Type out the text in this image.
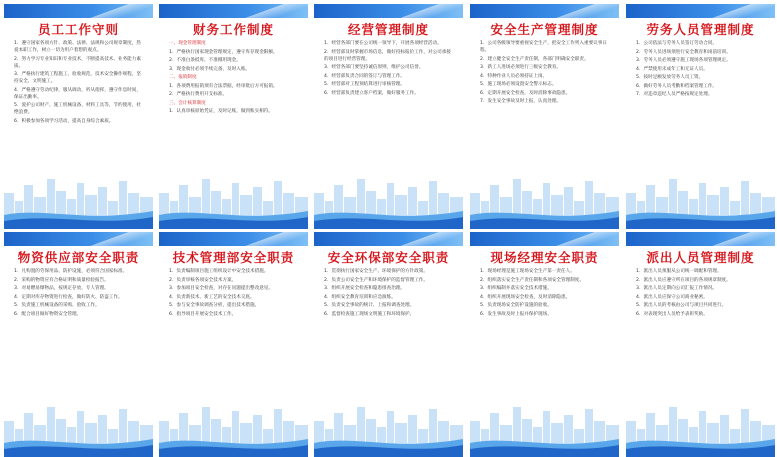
员工工作守则
1．遵守国家各项方针、政策、法律、法规和公司规章制度，热爱本职工作，树立一切为用户着想的观点。
2．努力学习专业知识和专业技术，不断提高技术、业务能力素质。
3．严格执行建筑工程施工、验收规范，技术安全操作规程，坚持安全、文明施工。
4．严格遵守劳动纪律，服从调动，听从指挥，遵守作息时间，保证出勤率。
5．爱护公司财产，施工机械设备、材料工具等，节约使用，杜绝浪费。
6．积极参加各项学习活动，提高自身综合素质。
财务工作制度
一、现金管理制度
1．严格执行国家现金管理规定，遵守库存现金限额。
2．不准白条抵库，不准挪用现金。
3．现金收付必须手续完备，及时入账。
二、报销制度
1．各项费用报销须有合法票据，经审批后方可报销。
2．严格执行费用开支标准。
三、会计核算制度
1．认真审核原始凭证，及时记账，做到账实相符。
经营管理制度
1．经营各部门要在公司统一领导下，开展各项经营活动。
2．经营部及时掌握市场信息，做好投标报价工作，对公司承接的项目进行经营管理。
3．经营各部门要坚持诚信原则，维护公司信誉。
4．经营部负责合同的签订与管理工作。
5．经营部对工程预结算进行审核管理。
6．经营部负责建立客户档案，做好服务工作。
安全生产管理制度
1．公司各级领导要重视安全生产，把安全工作列入重要议事日程。
2．建立健全安全生产责任制，各部门明确安全职责。
3．新工人进场必须进行三级安全教育。
4．特种作业人员必须持证上岗。
5．施工现场必须设置安全警示标志。
6．定期开展安全检查，及时消除事故隐患。
7．发生安全事故及时上报，认真处理。
劳务人员管理制度
1．公司依法与劳务人员签订劳动合同。
2．劳务人员进场须进行安全教育和岗前培训。
3．劳务人员必须遵守施工现场各项管理规定。
4．严禁使用未成年工和无证人员。
5．按时足额发放劳务人员工资。
6．做好劳务人员考勤和档案管理工作。
7．对违章违纪人员严格按规定处理。
物资供应部安全职责
1．凡购置的劳保用品、防护设施，必须符合国家标准。
2．采购的物资应有合格证明和质量检验报告。
3．对易燃易爆物品，按规定存放，专人管理。
4．定期对库存物资进行检查，做好防火、防盗工作。
5．负责施工机械设备的采购、验收工作。
6．配合项目做好物资安全管理。
技术管理部安全职责
1．负责编制项目施工组织设计中安全技术措施。
2．负责审核各项安全技术方案。
3．参加项目安全检查，对存在问题提出整改意见。
4．负责新技术、新工艺的安全技术交底。
5．参与安全事故调查分析，提出技术措施。
6．指导项目开展安全技术工作。
安全环保部安全职责
1．贯彻执行国家安全生产、环境保护的方针政策。
2．负责公司安全生产和环境保护的监督管理工作。
3．组织开展安全检查和隐患排查治理。
4．组织安全教育培训和应急演练。
5．负责安全事故的统计、上报和调查处理。
6．监督检查施工现场文明施工和环境保护。
现场经理安全职责
1．现场经理是施工现场安全生产第一责任人。
2．组织落实安全生产责任制和各项安全管理制度。
3．组织编制并落实安全技术措施。
4．组织开展现场安全检查，及时消除隐患。
5．负责现场安全防护设施的验收。
6．发生事故及时上报并保护现场。
派出人员管理制度
1．派出人员须服从公司统一调配和管理。
2．派出人员应遵守所在项目的各项规章制度。
3．派出人员定期向公司汇报工作情况。
4．派出人员应保守公司商业秘密。
5．派出人员的考核由公司与项目共同进行。
6．对表现突出人员给予表彰奖励。
